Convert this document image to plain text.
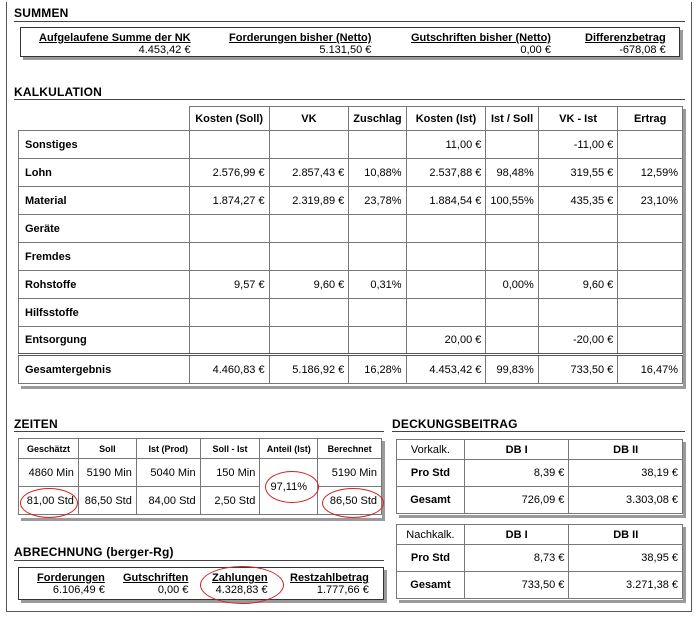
SUMMEN
Aufgelaufene Summe der NK
4.453,42 €
Forderungen bisher (Netto)
5.131,50 €
Gutschriften bisher (Netto)
0,00 €
Differenzbetrag
-678,08 €
KALKULATION
	Kosten (Soll)	VK	Zuschlag	Kosten (Ist)	Ist / Soll	VK - Ist	Ertrag
Sonstiges				11,00 €		-11,00 €	
Lohn	2.576,99 €	2.857,43 €	10,88%	2.537,88 €	98,48%	319,55 €	12,59%
Material	1.874,27 €	2.319,89 €	23,78%	1.884,54 €	100,55%	435,35 €	23,10%
Geräte							
Fremdes							
Rohstoffe	9,57 €	9,60 €	0,31%		0,00%	9,60 €	
Hilfsstoffe							
Entsorgung				20,00 €		-20,00 €	
Gesamtergebnis	4.460,83 €	5.186,92 €	16,28%	4.453,42 €	99,83%	733,50 €	16,47%
ZEITEN
Geschätzt	Soll	Ist (Prod)	Soll - Ist	Anteil (Ist)	Berechnet
4860 Min	5190 Min	5040 Min	150 Min	97,11%	5190 Min
81,00 Std	86,50 Std	84,00 Std	2,50 Std		86,50 Std
ABRECHNUNG (berger-Rg)
Forderungen
6.106,49 €
Gutschriften
0,00 €
Zahlungen
4.328,83 €
Restzahlbetrag
1.777,66 €
DECKUNGSBEITRAG
Vorkalk.	DB I	DB II
Pro Std	8,39 €	38,19 €
Gesamt	726,09 €	3.303,08 €
Nachkalk.	DB I	DB II
Pro Std	8,73 €	38,95 €
Gesamt	733,50 €	3.271,38 €
